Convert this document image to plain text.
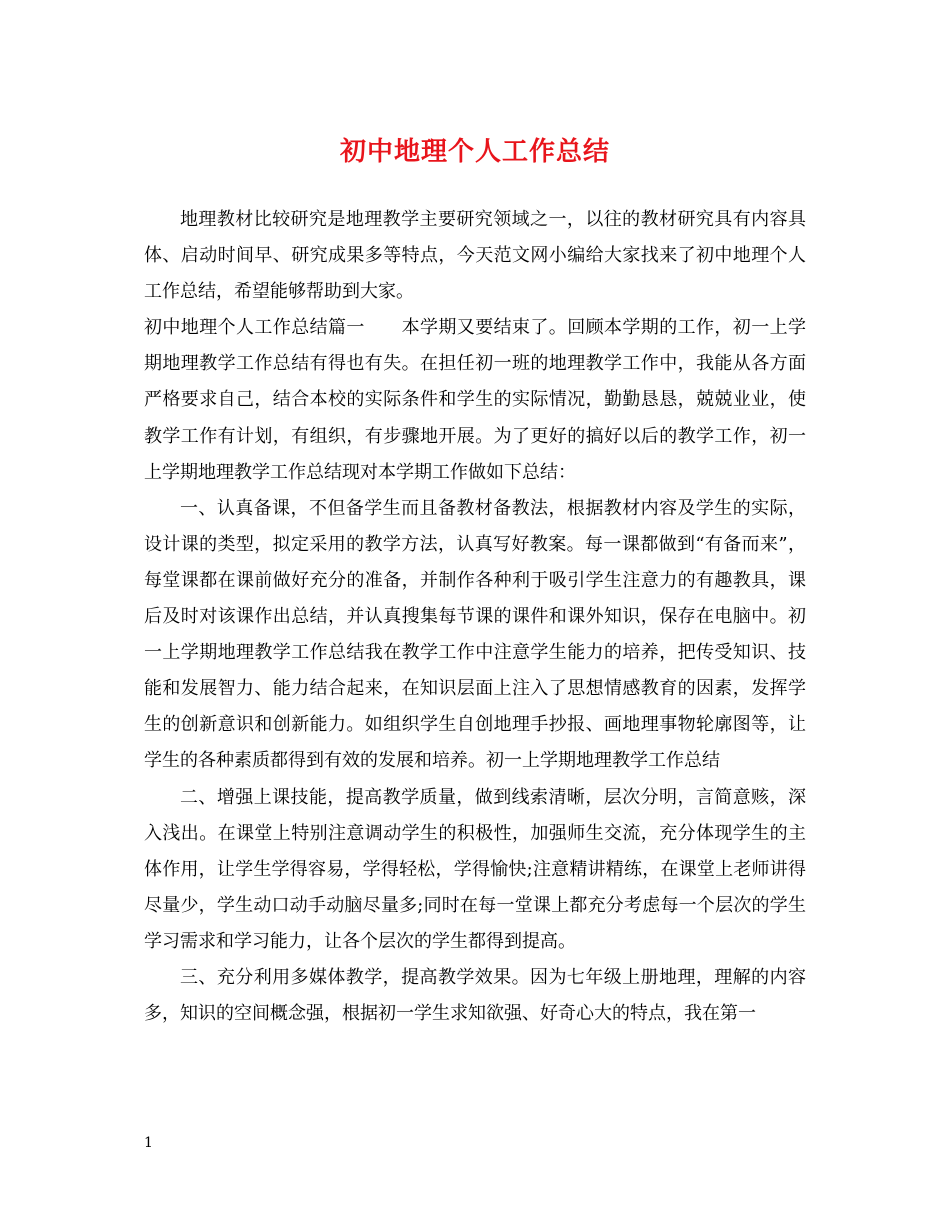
初中地理个人工作总结

地理教材比较研究是地理教学主要研究领域之一，以往的教材研究具有内容具体、启动时间早、研究成果多等特点，今天范文网小编给大家找来了初中地理个人工作总结，希望能够帮助到大家。

初中地理个人工作总结篇一　　本学期又要结束了。回顾本学期的工作，初一上学期地理教学工作总结有得也有失。在担任初一班的地理教学工作中，我能从各方面严格要求自己，结合本校的实际条件和学生的实际情况，勤勤恳恳，兢兢业业，使教学工作有计划，有组织，有步骤地开展。为了更好的搞好以后的教学工作，初一上学期地理教学工作总结现对本学期工作做如下总结：

一、认真备课，不但备学生而且备教材备教法，根据教材内容及学生的实际，设计课的类型，拟定采用的教学方法，认真写好教案。每一课都做到“有备而来”，每堂课都在课前做好充分的准备，并制作各种利于吸引学生注意力的有趣教具，课后及时对该课作出总结，并认真搜集每节课的课件和课外知识，保存在电脑中。初一上学期地理教学工作总结我在教学工作中注意学生能力的培养，把传受知识、技能和发展智力、能力结合起来，在知识层面上注入了思想情感教育的因素，发挥学生的创新意识和创新能力。如组织学生自创地理手抄报、画地理事物轮廓图等，让学生的各种素质都得到有效的发展和培养。初一上学期地理教学工作总结

二、增强上课技能，提高教学质量，做到线索清晰，层次分明，言简意赅，深入浅出。在课堂上特别注意调动学生的积极性，加强师生交流，充分体现学生的主体作用，让学生学得容易，学得轻松，学得愉快;注意精讲精练，在课堂上老师讲得尽量少，学生动口动手动脑尽量多;同时在每一堂课上都充分考虑每一个层次的学生学习需求和学习能力，让各个层次的学生都得到提高。

三、充分利用多媒体教学，提高教学效果。因为七年级上册地理，理解的内容多，知识的空间概念强，根据初一学生求知欲强、好奇心大的特点，我在第一

1
